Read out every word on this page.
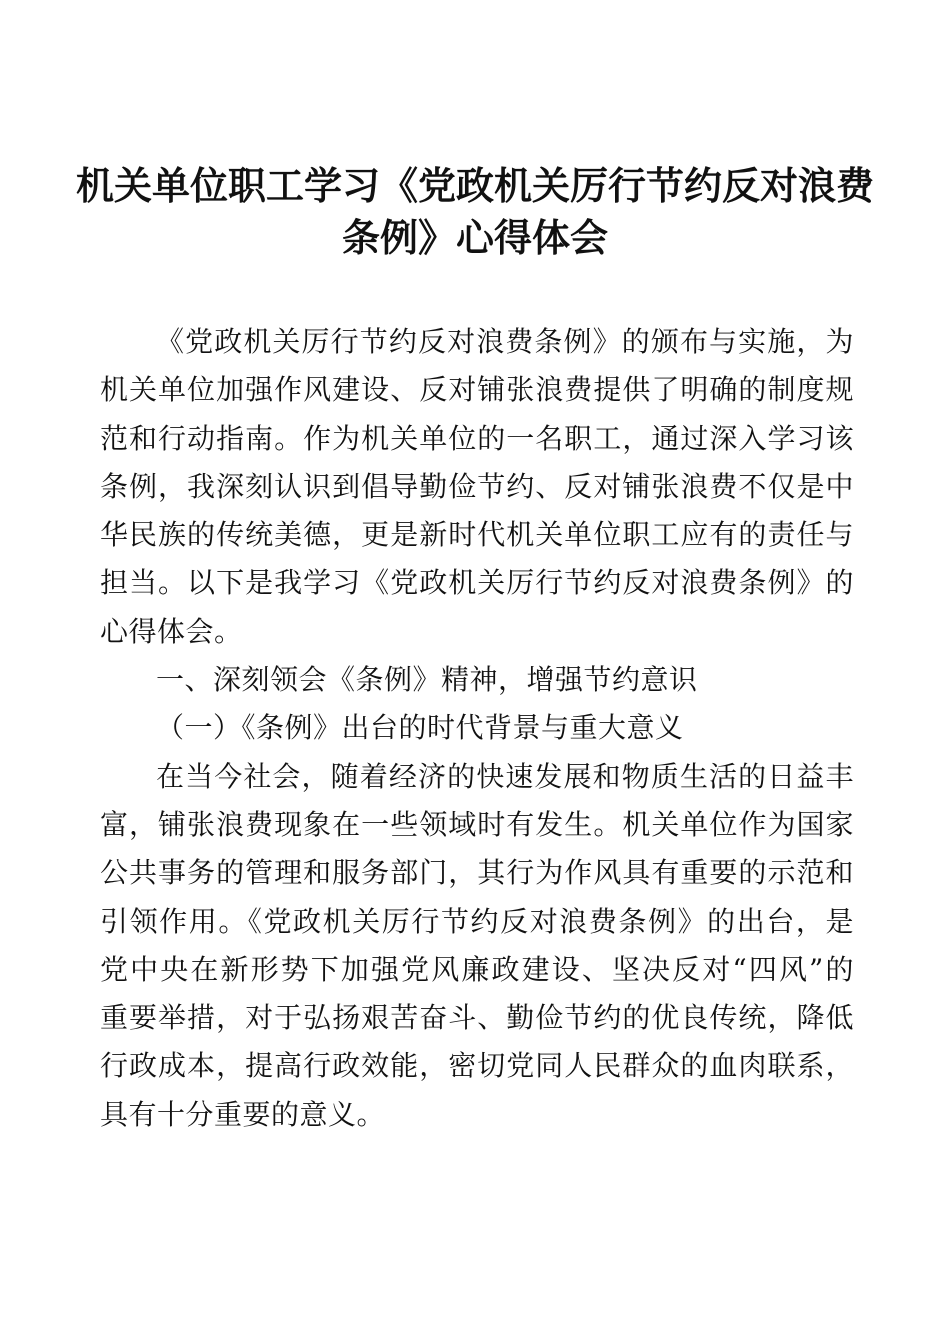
机关单位职工学习《党政机关厉行节约反对浪费
条例》心得体会
《党政机关厉行节约反对浪费条例》的颁布与实施，为
机关单位加强作风建设、反对铺张浪费提供了明确的制度规
范和行动指南。作为机关单位的一名职工，通过深入学习该
条例，我深刻认识到倡导勤俭节约、反对铺张浪费不仅是中
华民族的传统美德，更是新时代机关单位职工应有的责任与
担当。以下是我学习《党政机关厉行节约反对浪费条例》的
心得体会。
一、深刻领会《条例》精神，增强节约意识
（一）《条例》出台的时代背景与重大意义
在当今社会，随着经济的快速发展和物质生活的日益丰
富，铺张浪费现象在一些领域时有发生。机关单位作为国家
公共事务的管理和服务部门，其行为作风具有重要的示范和
引领作用。《党政机关厉行节约反对浪费条例》的出台，是
党中央在新形势下加强党风廉政建设、坚决反对“四风”的
重要举措，对于弘扬艰苦奋斗、勤俭节约的优良传统，降低
行政成本，提高行政效能，密切党同人民群众的血肉联系，
具有十分重要的意义。
